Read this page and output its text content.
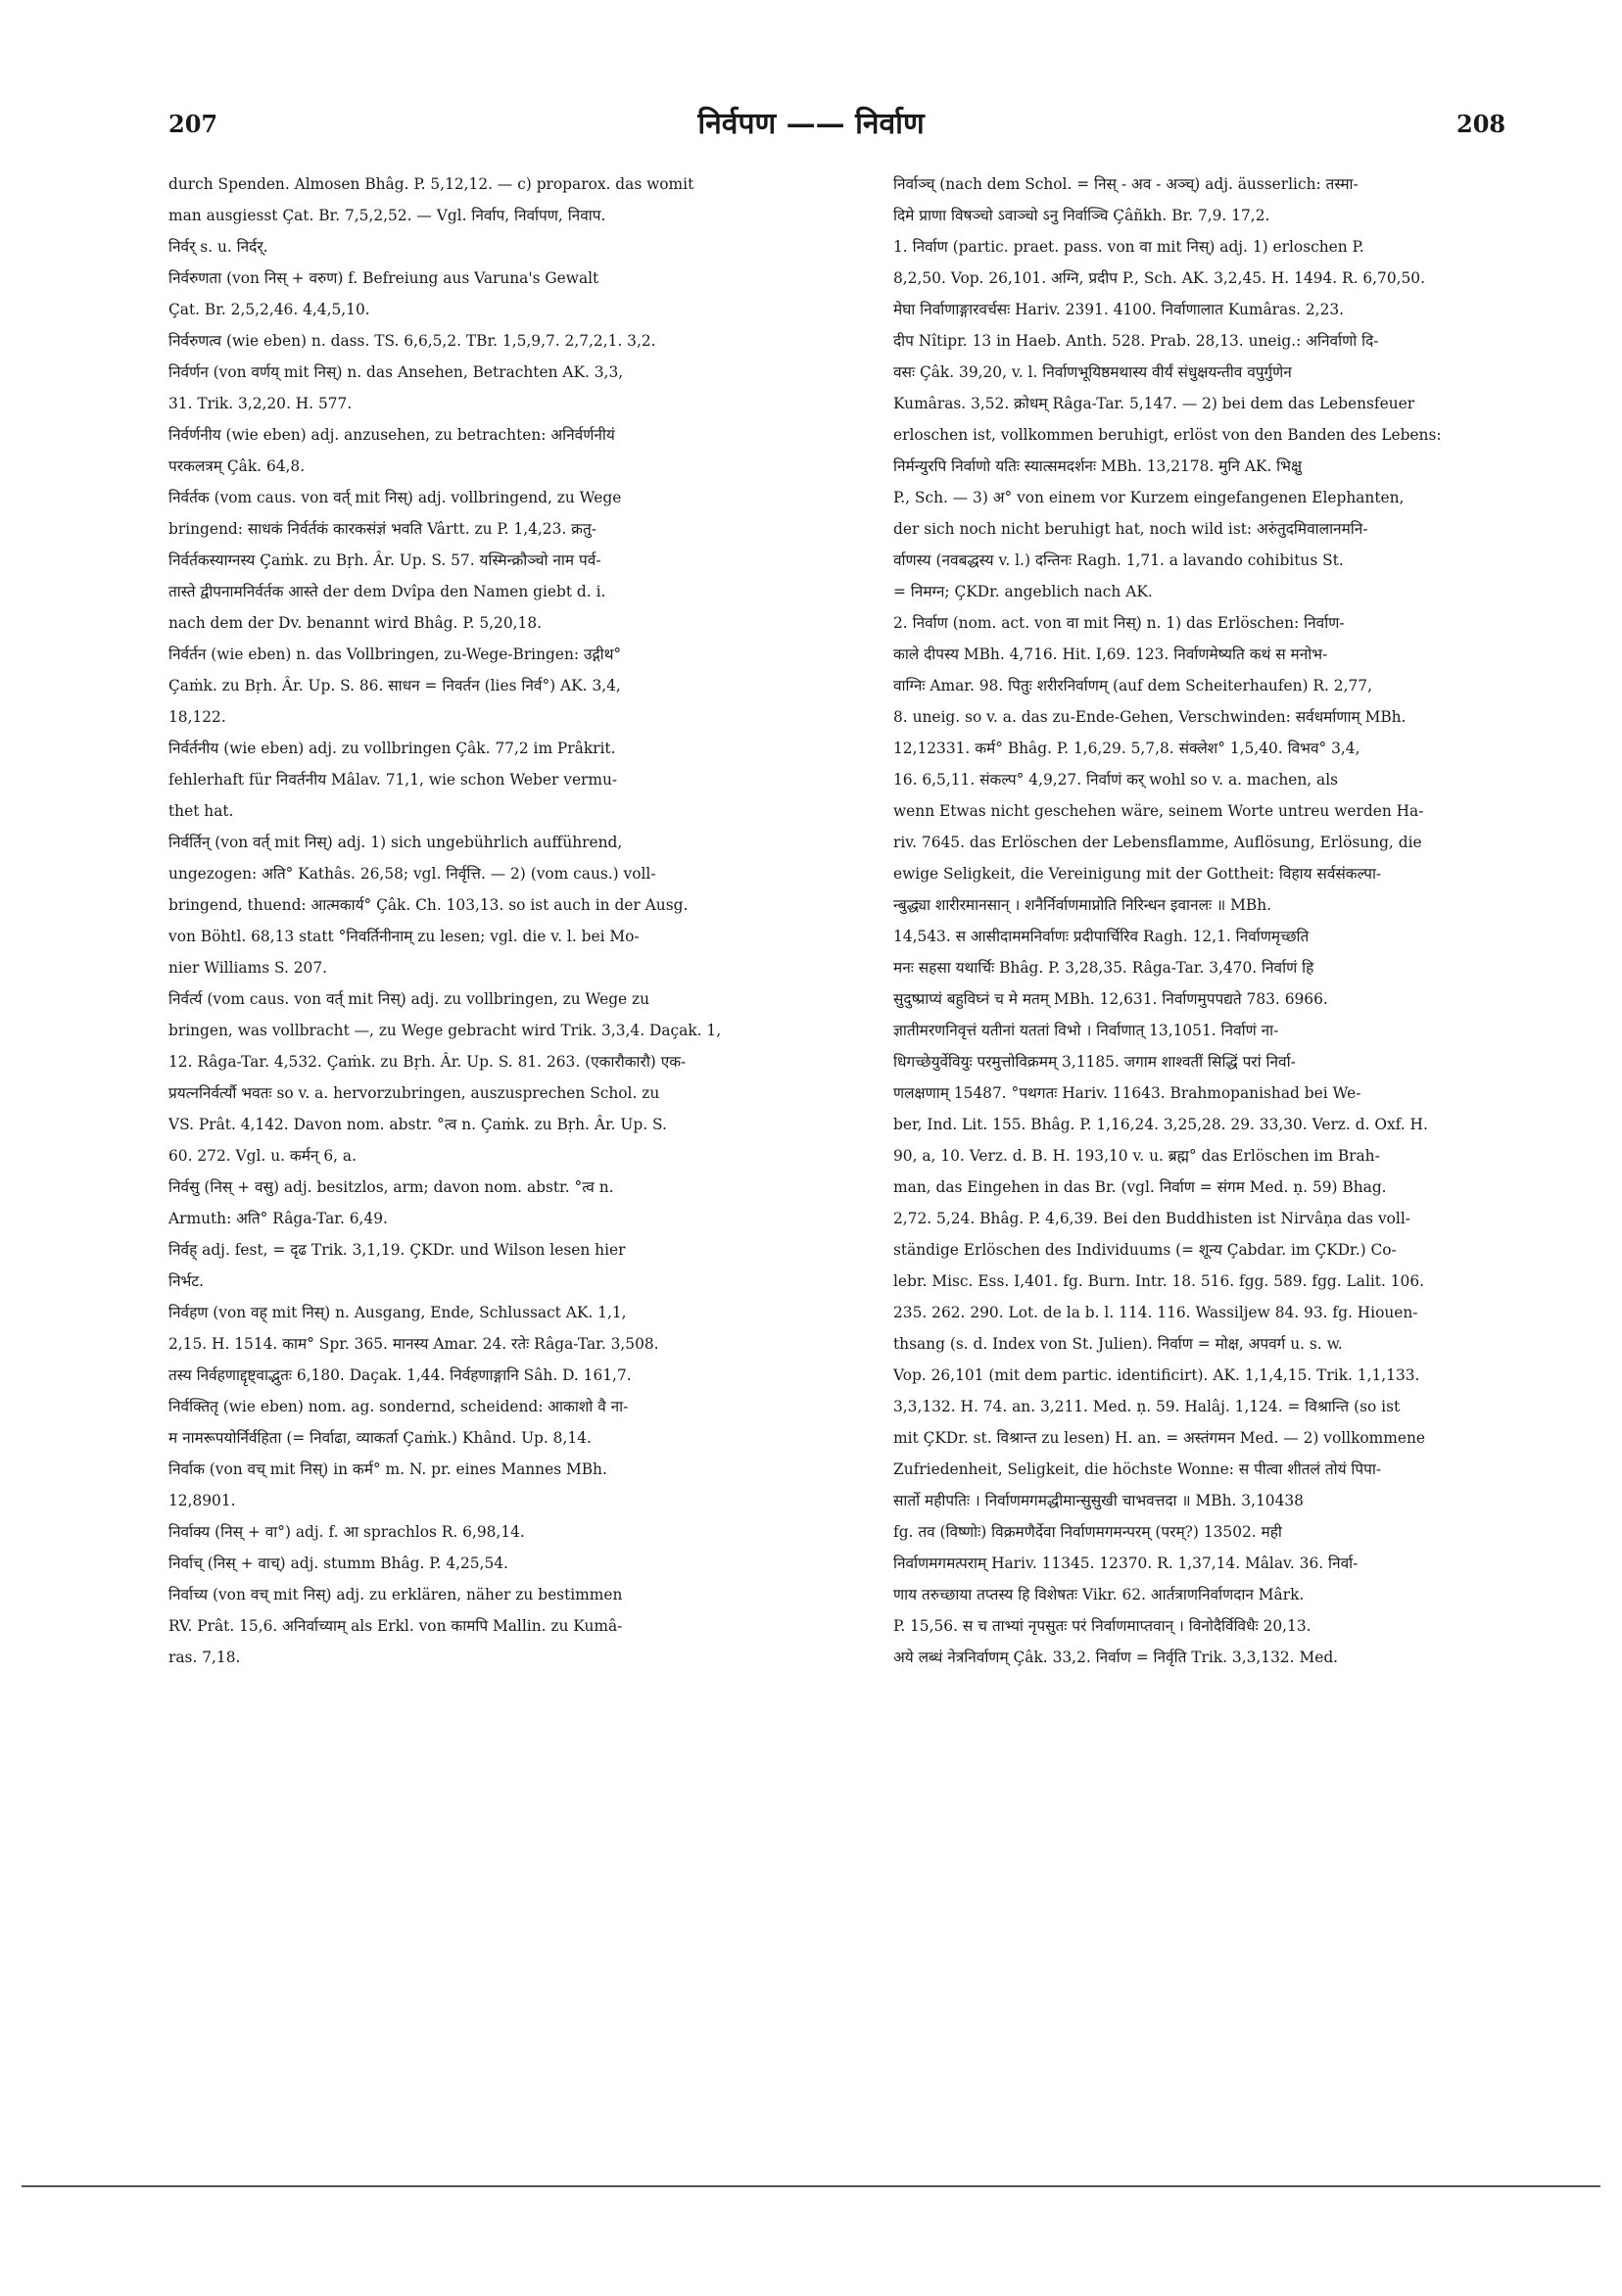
207	निर्वपण —— निर्वाण	208
durch Spenden. Almosen Bhâg. P. 5,12,12. — c) proparox. das womit
man ausgiesst Çat. Br. 7,5,2,52. — Vgl. निर्वाप, निर्वापण, निवाप.
निर्वर् s. u. निर्दर्.
निर्वरुणता (von निस् + वरुण) f. Befreiung aus Varuna's Gewalt
Çat. Br. 2,5,2,46. 4,4,5,10.
निर्वरुणत्व (wie eben) n. dass. TS. 6,6,5,2. TBr. 1,5,9,7. 2,7,2,1. 3,2.
निर्वर्णन (von वर्णय् mit निस्) n. das Ansehen, Betrachten AK. 3,3,
31. Trik. 3,2,20. H. 577.
निर्वर्णनीय (wie eben) adj. anzusehen, zu betrachten: अनिर्वर्णनीयं
परकलत्रम् Çâk. 64,8.
निर्वर्तक (vom caus. von वर्त् mit निस्) adj. vollbringend, zu Wege
bringend: साधकं निर्वर्तकं कारकसंज्ञं भवति Vârtt. zu P. 1,4,23. क्रतु-
निर्वर्तकस्याग्नस्य Çaṁk. zu Bṛh. Âr. Up. S. 57. यस्मिन्क्रौञ्चो नाम पर्व-
तास्ते द्वीपनामनिर्वर्तक आस्ते der dem Dvîpa den Namen giebt d. i.
nach dem der Dv. benannt wird Bhâg. P. 5,20,18.
निर्वर्तन (wie eben) n. das Vollbringen, zu-Wege-Bringen: उद्गीथ°
Çaṁk. zu Bṛh. Âr. Up. S. 86. साधन = निवर्तन (lies निर्व°) AK. 3,4,
18,122.
निर्वर्तनीय (wie eben) adj. zu vollbringen Çâk. 77,2 im Prâkrit.
fehlerhaft für निवर्तनीय Mâlav. 71,1, wie schon Weber vermu-
thet hat.
निर्वर्तिन् (von वर्त् mit निस्) adj. 1) sich ungebührlich aufführend,
ungezogen: अति° Kathâs. 26,58; vgl. निर्वृत्ति. — 2) (vom caus.) voll-
bringend, thuend: आत्मकार्य° Çâk. Ch. 103,13. so ist auch in der Ausg.
von Böhtl. 68,13 statt °निवर्तिनीनाम् zu lesen; vgl. die v. l. bei Mo-
nier Williams S. 207.
निर्वर्त्य (vom caus. von वर्त् mit निस्) adj. zu vollbringen, zu Wege zu
bringen, was vollbracht —, zu Wege gebracht wird Trik. 3,3,4. Daçak. 1,
12. Râga-Tar. 4,532. Çaṁk. zu Bṛh. Âr. Up. S. 81. 263. (एकारौकारौ) एक-
प्रयत्ननिर्वर्त्यौ भवतः so v. a. hervorzubringen, auszusprechen Schol. zu
VS. Prât. 4,142. Davon nom. abstr. °त्व n. Çaṁk. zu Bṛh. Âr. Up. S.
60. 272. Vgl. u. कर्मन् 6, a.
निर्वसु (निस् + वसु) adj. besitzlos, arm; davon nom. abstr. °त्व n.
Armuth: अति° Râga-Tar. 6,49.
निर्वह् adj. fest, = दृढ Trik. 3,1,19. ÇKDr. und Wilson lesen hier
निर्भट.
निर्वहण (von वह् mit निस्) n. Ausgang, Ende, Schlussact AK. 1,1,
2,15. H. 1514. काम° Spr. 365. मानस्य Amar. 24. रतेः Râga-Tar. 3,508.
तस्य निर्वहणाद्दृष्ट्वाद्भुतः 6,180. Daçak. 1,44. निर्वहणाङ्गानि Sâh. D. 161,7.
निर्वक्तितृ (wie eben) nom. ag. sondernd, scheidend: आकाशो वै ना-
म नामरूपयोर्निर्वहिता (= निर्वाढा, व्याकर्ता Çaṁk.) Khând. Up. 8,14.
निर्वाक (von वच् mit निस्) in कर्म° m. N. pr. eines Mannes MBh.
12,8901.
निर्वाक्य (निस् + वा°) adj. f. आ sprachlos R. 6,98,14.
निर्वाच् (निस् + वाच्) adj. stumm Bhâg. P. 4,25,54.
निर्वाच्य (von वच् mit निस्) adj. zu erklären, näher zu bestimmen
RV. Prât. 15,6. अनिर्वाच्याम् als Erkl. von कामपि Mallin. zu Kumâ-
ras. 7,18.
निर्वाञ्च् (nach dem Schol. = निस् - अव - अञ्च्) adj. äusserlich: तस्मा-
दिमे प्राणा विषञ्चो ऽवाञ्चो ऽनु निर्वाञ्चि Çâñkh. Br. 7,9. 17,2.
1. निर्वाण (partic. praet. pass. von वा mit निस्) adj. 1) erloschen P.
8,2,50. Vop. 26,101. अग्नि, प्रदीप P., Sch. AK. 3,2,45. H. 1494. R. 6,70,50.
मेघा निर्वाणाङ्गारवर्चसः Hariv. 2391. 4100. निर्वाणालात Kumâras. 2,23.
दीप Nîtipr. 13 in Haeb. Anth. 528. Prab. 28,13. uneig.: अनिर्वाणो दि-
वसः Çâk. 39,20, v. l. निर्वाणभूयिष्ठमथास्य वीर्यं संधुक्षयन्तीव वपुर्गुणेन
Kumâras. 3,52. क्रोधम् Râga-Tar. 5,147. — 2) bei dem das Lebensfeuer
erloschen ist, vollkommen beruhigt, erlöst von den Banden des Lebens:
निर्मन्युरपि निर्वाणो यतिः स्यात्समदर्शनः MBh. 13,2178. मुनि AK. भिक्षु
P., Sch. — 3) अ° von einem vor Kurzem eingefangenen Elephanten,
der sich noch nicht beruhigt hat, noch wild ist: अरुंतुदमिवालानमनि-
र्वाणस्य (नवबद्धस्य v. l.) दन्तिनः Ragh. 1,71. a lavando cohibitus St.
= निमग्न; ÇKDr. angeblich nach AK.
2. निर्वाण (nom. act. von वा mit निस्) n. 1) das Erlöschen: निर्वाण-
काले दीपस्य MBh. 4,716. Hit. I,69. 123. निर्वाणमेष्यति कथं स मनोभ-
वाग्निः Amar. 98. पितुः शरीरनिर्वाणम् (auf dem Scheiterhaufen) R. 2,77,
8. uneig. so v. a. das zu-Ende-Gehen, Verschwinden: सर्वधर्माणाम् MBh.
12,12331. कर्म° Bhâg. P. 1,6,29. 5,7,8. संक्लेश° 1,5,40. विभव° 3,4,
16. 6,5,11. संकल्प° 4,9,27. निर्वाणं कर् wohl so v. a. machen, als
wenn Etwas nicht geschehen wäre, seinem Worte untreu werden Ha-
riv. 7645. das Erlöschen der Lebensflamme, Auflösung, Erlösung, die
ewige Seligkeit, die Vereinigung mit der Gottheit: विहाय सर्वसंकल्पा-
न्बुद्ध्या शारीरमानसान् । शनैर्निर्वाणमाप्नोति निरिन्धन इवानलः ॥ MBh.
14,543. स आसीदाममनिर्वाणः प्रदीपार्चिरिव Ragh. 12,1. निर्वाणमृच्छति
मनः सहसा यथार्चिः Bhâg. P. 3,28,35. Râga-Tar. 3,470. निर्वाणं हि
सुदुष्प्राप्यं बहुविघ्नं च मे मतम् MBh. 12,631. निर्वाणमुपपद्यते 783. 6966.
ज्ञातीमरणनिवृत्तं यतीनां यततां विभो । निर्वाणात् 13,1051. निर्वाणं ना-
धिगच्छेयुर्वेवियुः परमुत्तोविक्रमम् 3,1185. जगाम शाश्वतीं सिद्धिं परां निर्वा-
णलक्षणाम् 15487. °पथगतः Hariv. 11643. Brahmopanishad bei We-
ber, Ind. Lit. 155. Bhâg. P. 1,16,24. 3,25,28. 29. 33,30. Verz. d. Oxf. H.
90, a, 10. Verz. d. B. H. 193,10 v. u. ब्रह्म° das Erlöschen im Brah-
man, das Eingehen in das Br. (vgl. निर्वाण = संगम Med. ṇ. 59) Bhag.
2,72. 5,24. Bhâg. P. 4,6,39. Bei den Buddhisten ist Nirvâṇa das voll-
ständige Erlöschen des Individuums (= शून्य Çabdar. im ÇKDr.) Co-
lebr. Misc. Ess. I,401. fg. Burn. Intr. 18. 516. fgg. 589. fgg. Lalit. 106.
235. 262. 290. Lot. de la b. l. 114. 116. Wassiljew 84. 93. fg. Hiouen-
thsang (s. d. Index von St. Julien). निर्वाण = मोक्ष, अपवर्ग u. s. w.
Vop. 26,101 (mit dem partic. identificirt). AK. 1,1,4,15. Trik. 1,1,133.
3,3,132. H. 74. an. 3,211. Med. ṇ. 59. Halâj. 1,124. = विश्रान्ति (so ist
mit ÇKDr. st. विश्रान्त zu lesen) H. an. = अस्तंगमन Med. — 2) vollkommene
Zufriedenheit, Seligkeit, die höchste Wonne: स पीत्वा शीतलं तोयं पिपा-
सार्तो महीपतिः । निर्वाणमगमद्धीमान्सुसुखी चाभवत्तदा ॥ MBh. 3,10438
fg. तव (विष्णोः) विक्रमणैर्देवा निर्वाणमगमन्परम् (परम्?) 13502. मही
निर्वाणमगमत्पराम् Hariv. 11345. 12370. R. 1,37,14. Mâlav. 36. निर्वा-
णाय तरुच्छाया तप्तस्य हि विशेषतः Vikr. 62. आर्तत्राणनिर्वाणदान Mârk.
P. 15,56. स च ताभ्यां नृपसुतः परं निर्वाणमाप्तवान् । विनोदैर्विविधैः 20,13.
अये लब्धं नेत्रनिर्वाणम् Çâk. 33,2. निर्वाण = निर्वृति Trik. 3,3,132. Med.
